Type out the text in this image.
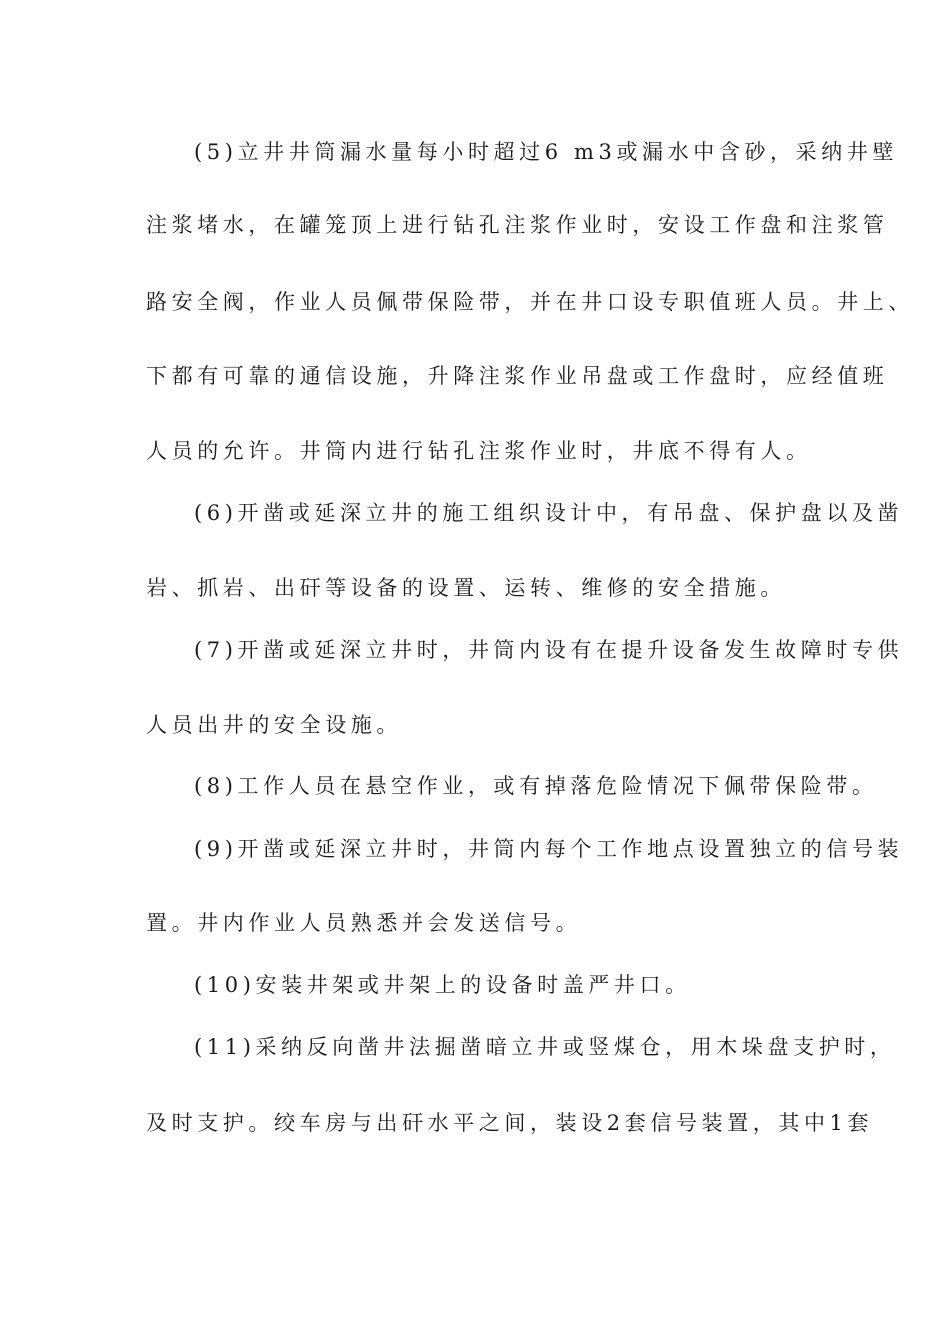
(5)立井井筒漏水量每小时超过6 m3或漏水中含砂，采纳井壁
注浆堵水，在罐笼顶上进行钻孔注浆作业时，安设工作盘和注浆管
路安全阀，作业人员佩带保险带，并在井口设专职值班人员。井上、
下都有可靠的通信设施，升降注浆作业吊盘或工作盘时，应经值班
人员的允许。井筒内进行钻孔注浆作业时，井底不得有人。
(6)开凿或延深立井的施工组织设计中，有吊盘、保护盘以及凿
岩、抓岩、出矸等设备的设置、运转、维修的安全措施。
(7)开凿或延深立井时，井筒内设有在提升设备发生故障时专供
人员出井的安全设施。
(8)工作人员在悬空作业，或有掉落危险情况下佩带保险带。
(9)开凿或延深立井时，井筒内每个工作地点设置独立的信号装
置。井内作业人员熟悉并会发送信号。
(10)安装井架或井架上的设备时盖严井口。
(11)采纳反向凿井法掘凿暗立井或竖煤仓，用木垛盘支护时，
及时支护。绞车房与出矸水平之间，装设2套信号装置，其中1套
